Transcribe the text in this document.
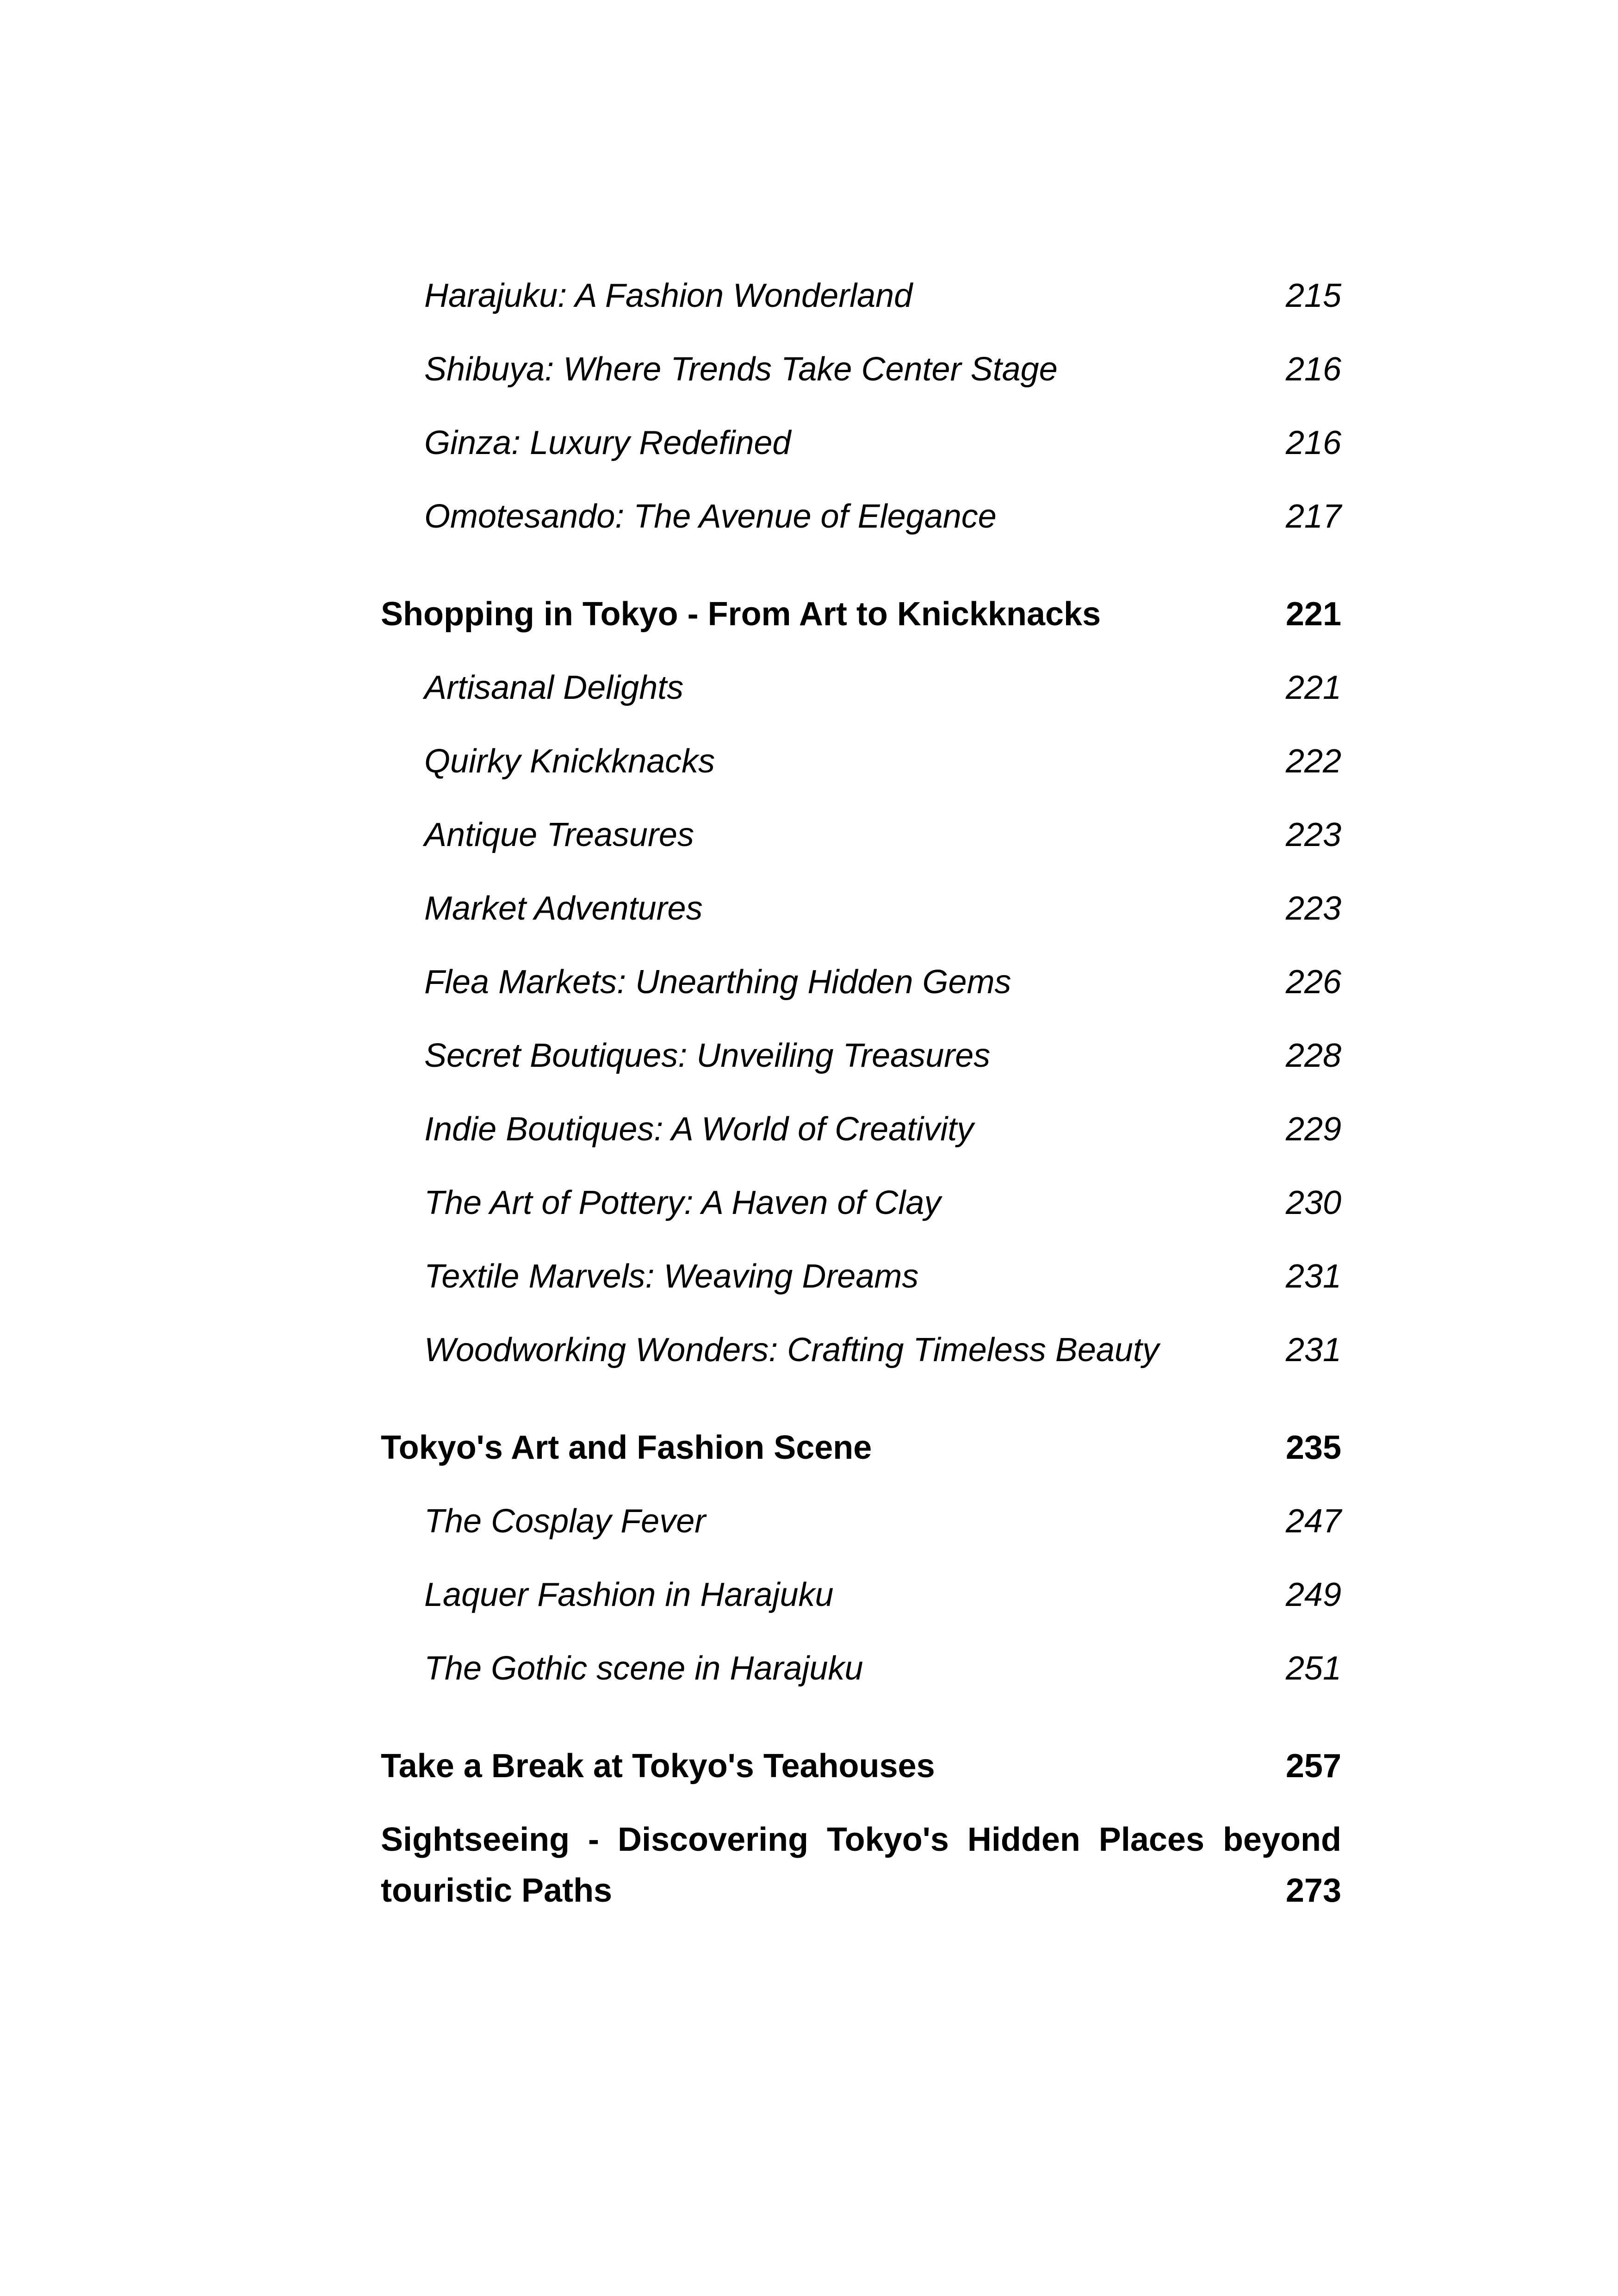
Harajuku: A Fashion Wonderland	215
Shibuya: Where Trends Take Center Stage	216
Ginza: Luxury Redefined	216
Omotesando: The Avenue of Elegance	217
Shopping in Tokyo - From Art to Knickknacks	221
Artisanal Delights	221
Quirky Knickknacks	222
Antique Treasures	223
Market Adventures	223
Flea Markets: Unearthing Hidden Gems	226
Secret Boutiques: Unveiling Treasures	228
Indie Boutiques: A World of Creativity	229
The Art of Pottery: A Haven of Clay	230
Textile Marvels: Weaving Dreams	231
Woodworking Wonders: Crafting Timeless Beauty	231
Tokyo's Art and Fashion Scene	235
The Cosplay Fever	247
Laquer Fashion in Harajuku	249
The Gothic scene in Harajuku	251
Take a Break at Tokyo's Teahouses	257
Sightseeing - Discovering Tokyo's Hidden Places beyond
touristic Paths	273
